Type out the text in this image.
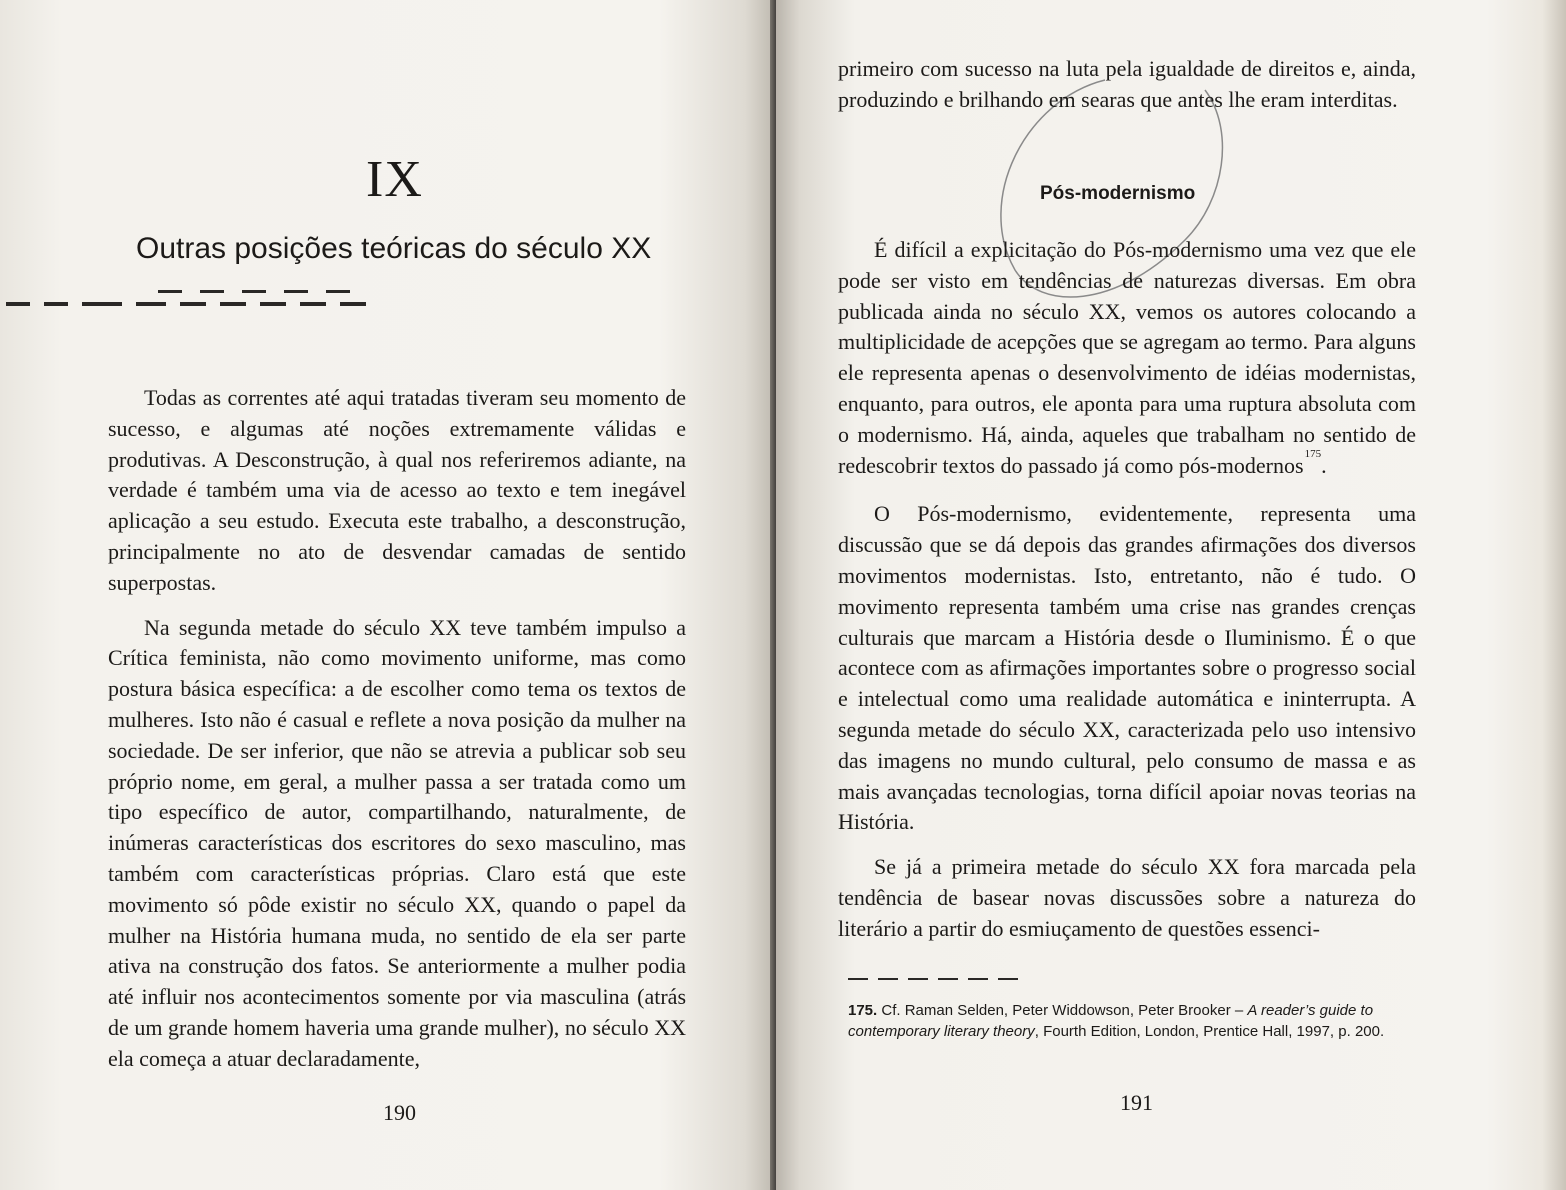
IX
Outras posições teóricas do século XX

Todas as correntes até aqui tratadas tiveram seu momento de sucesso, e algumas até noções extremamente válidas e produtivas. A Desconstrução, à qual nos referiremos adiante, na verdade é também uma via de acesso ao texto e tem inegável aplicação a seu estudo. Executa este trabalho, a desconstrução, principalmente no ato de desvendar camadas de sentido superpostas.

Na segunda metade do século XX teve também impulso a Crítica feminista, não como movimento uniforme, mas como postura básica específica: a de escolher como tema os textos de mulheres. Isto não é casual e reflete a nova posição da mulher na sociedade. De ser inferior, que não se atrevia a publicar sob seu próprio nome, em geral, a mulher passa a ser tratada como um tipo específico de autor, compartilhando, naturalmente, de inúmeras características dos escritores do sexo masculino, mas também com características próprias. Claro está que este movimento só pôde existir no século XX, quando o papel da mulher na História humana muda, no sentido de ela ser parte ativa na construção dos fatos. Se anteriormente a mulher podia até influir nos acontecimentos somente por via masculina (atrás de um grande homem haveria uma grande mulher), no século XX ela começa a atuar declaradamente,

190

primeiro com sucesso na luta pela igualdade de direitos e, ainda, produzindo e brilhando em searas que antes lhe eram interditas.

Pós-modernismo

É difícil a explicitação do Pós-modernismo uma vez que ele pode ser visto em tendências de naturezas diversas. Em obra publicada ainda no século XX, vemos os autores colocando a multiplicidade de acepções que se agregam ao termo. Para alguns ele representa apenas o desenvolvimento de idéias modernistas, enquanto, para outros, ele aponta para uma ruptura absoluta com o modernismo. Há, ainda, aqueles que trabalham no sentido de redescobrir textos do passado já como pós-modernos$^{175}$.

O Pós-modernismo, evidentemente, representa uma discussão que se dá depois das grandes afirmações dos diversos movimentos modernistas. Isto, entretanto, não é tudo. O movimento representa também uma crise nas grandes crenças culturais que marcam a História desde o Iluminismo. É o que acontece com as afirmações importantes sobre o progresso social e intelectual como uma realidade automática e ininterrupta. A segunda metade do século XX, caracterizada pelo uso intensivo das imagens no mundo cultural, pelo consumo de massa e as mais avançadas tecnologias, torna difícil apoiar novas teorias na História.

Se já a primeira metade do século XX fora marcada pela tendência de basear novas discussões sobre a natureza do literário a partir do esmiuçamento de questões essenci-

175. Cf. Raman Selden, Peter Widdowson, Peter Brooker – A reader’s guide to contemporary literary theory, Fourth Edition, London, Prentice Hall, 1997, p. 200.
191
